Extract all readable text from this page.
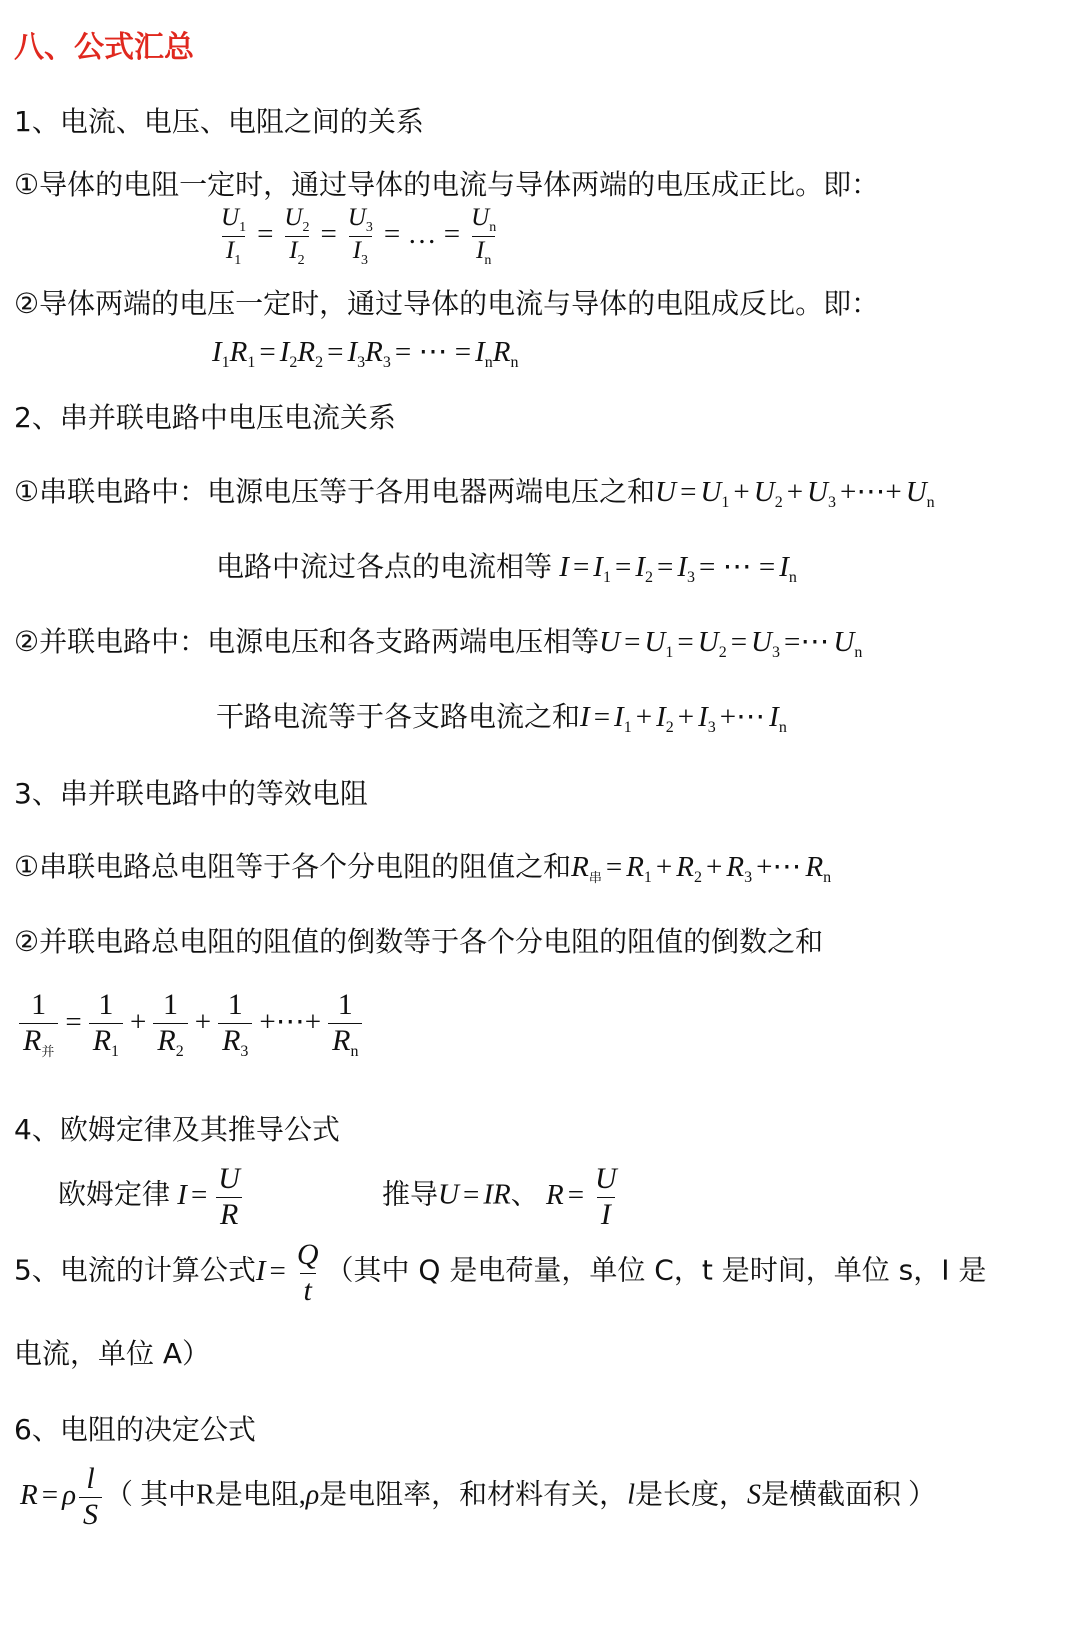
八、公式汇总
1、电流、电压、电阻之间的关系
①导体的电阻一定时，通过导体的电流与导体两端的电压成正比。即：
$\frac{U_1}{I_1} = \frac{U_2}{I_2} = \frac{U_3}{I_3}$ = … = $\frac{U_n}{I_n}$
②导体两端的电压一定时，通过导体的电流与导体的电阻成反比。即：
$I_1R_1 = I_2R_2 = I_3R_3$ = ⋯ = $I_nR_n$
2、串并联电路中电压电流关系
①串联电路中：电源电压等于各用电器两端电压之和$U = U_1 + U_2 + U_3$ +⋯+ $U_n$
电路中流过各点的电流相等 $I = I_1 = I_2 = I_3$ = ⋯ = $I_n$
②并联电路中：电源电压和各支路两端电压相等$U = U_1 = U_2 = U_3$ =⋯ $U_n$
干路电流等于各支路电流之和$I = I_1 + I_2 + I_3$ +⋯ $I_n$
3、串并联电路中的等效电阻
①串联电路总电阻等于各个分电阻的阻值之和$R_串 = R_1 + R_2 + R_3$ +⋯ $R_n$
②并联电路总电阻的阻值的倒数等于各个分电阻的阻值的倒数之和
$\frac{1}{R_并} = \frac{1}{R_1} + \frac{1}{R_2} + \frac{1}{R_3}$ +⋯+ $\frac{1}{R_n}$
4、欧姆定律及其推导公式
欧姆定律 $I = \frac{U}{R}$	推导U = IR、 $R = \frac{U}{I}$
5、电流的计算公式$I = \frac{Q}{t}$ （其中 Q 是电荷量，单位 C，t 是时间，单位 s，I 是
电流，单位 A）
6、电阻的决定公式
R = ρ $\frac{l}{S}$ （ 其中R是电阻,ρ是电阻率，和材料有关，l是长度，S是横截面积 ）
